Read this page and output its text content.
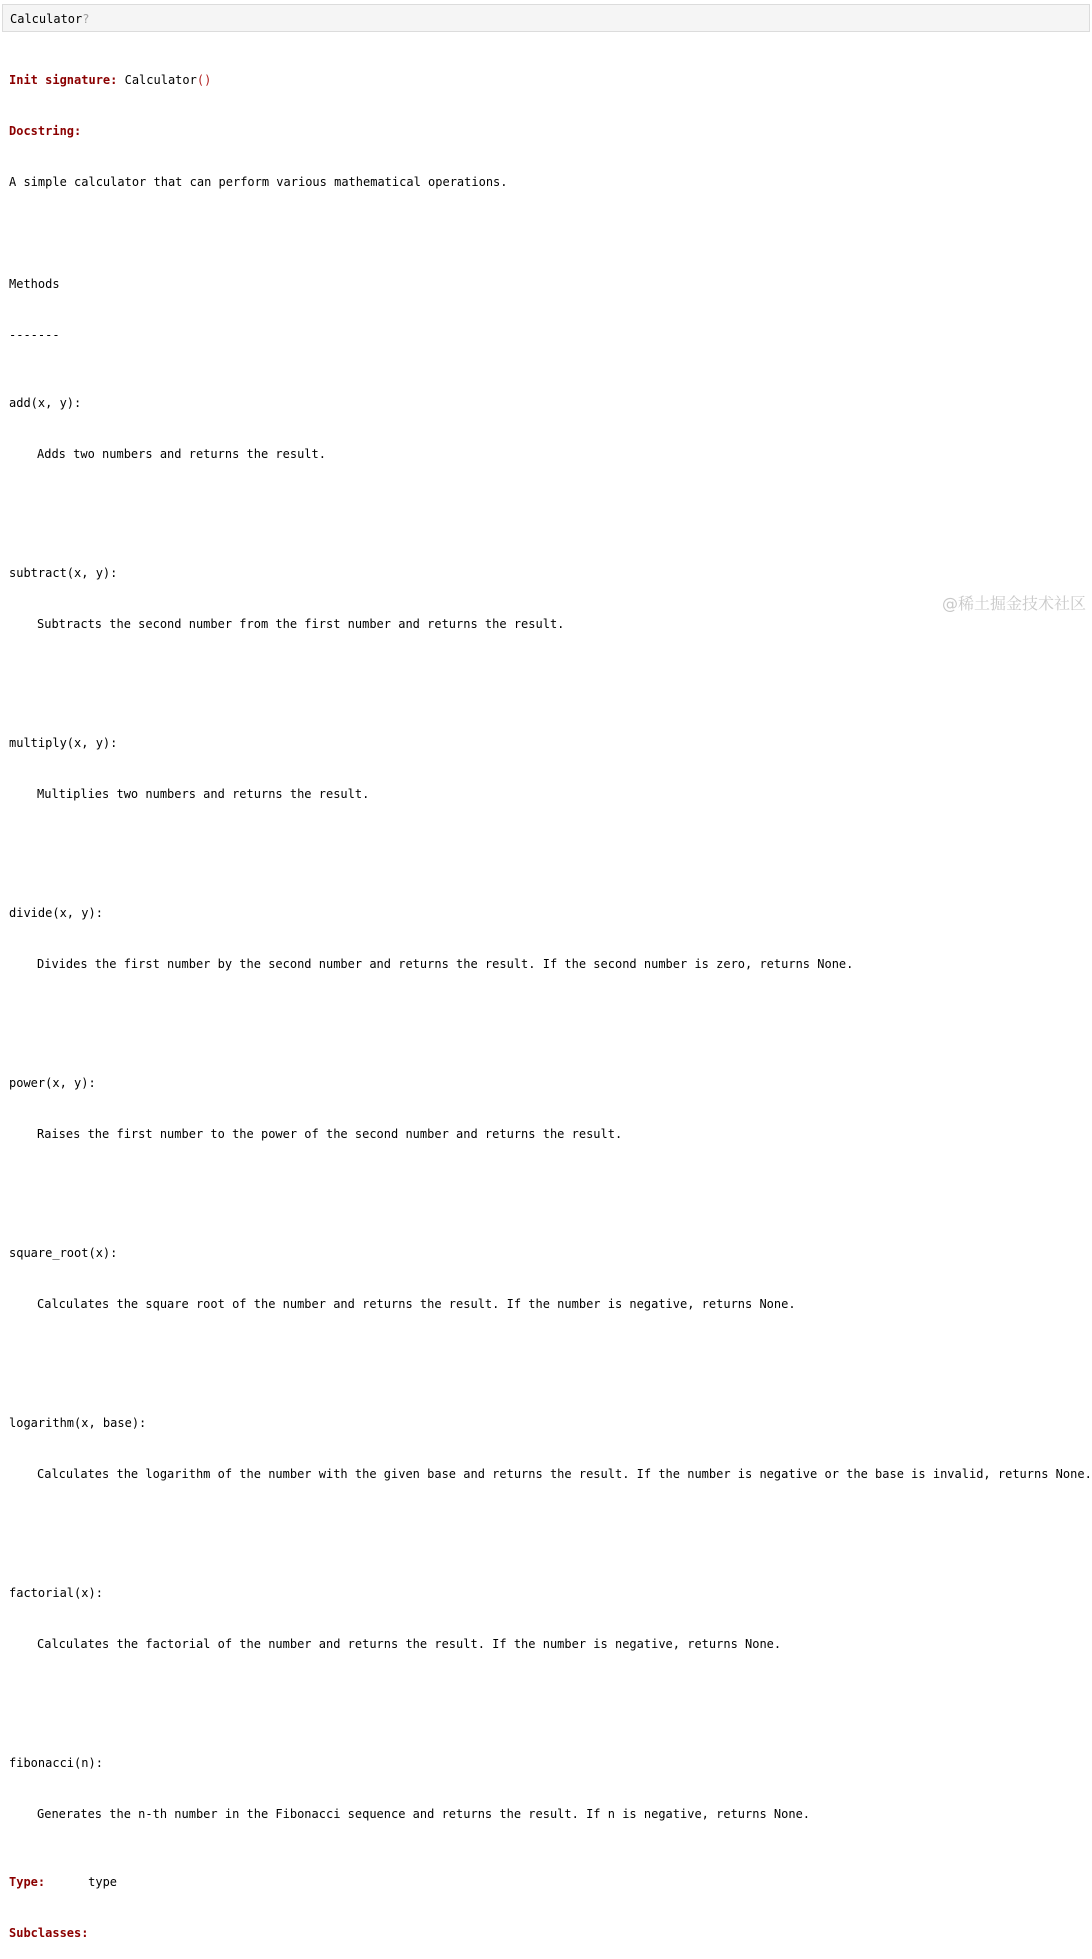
Calculator?

Init signature: Calculator()

Docstring:

A simple calculator that can perform various mathematical operations.

Methods

-------

add(x, y):

Adds two numbers and returns the result.

subtract(x, y):

Subtracts the second number from the first number and returns the result.

multiply(x, y):

Multiplies two numbers and returns the result.

divide(x, y):

Divides the first number by the second number and returns the result. If the second number is zero, returns None.

power(x, y):

Raises the first number to the power of the second number and returns the result.

square_root(x):

Calculates the square root of the number and returns the result. If the number is negative, returns None.

logarithm(x, base):

Calculates the logarithm of the number with the given base and returns the result. If the number is negative or the base is invalid, returns None.

factorial(x):

Calculates the factorial of the number and returns the result. If the number is negative, returns None.

fibonacci(n):

Generates the n-th number in the Fibonacci sequence and returns the result. If n is negative, returns None.

Type:	type

Subclasses:

@稀土掘金技术社区
